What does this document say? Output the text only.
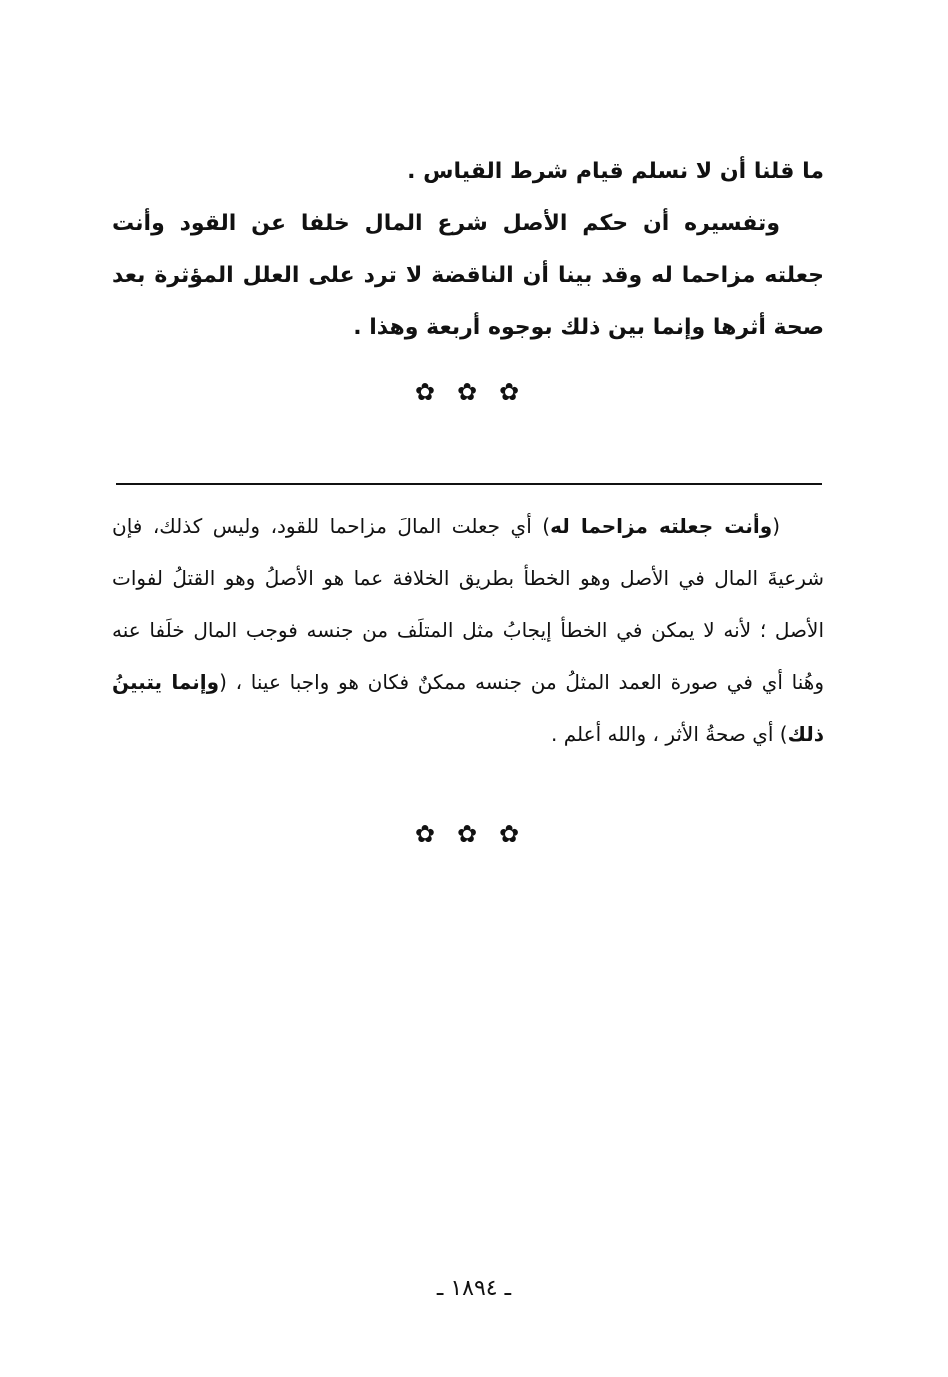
ما قلنا أن لا نسلم قيام شرط القياس .

وتفسيره أن حكم الأصل شرع المال خلفا عن القود وأنت جعلته مزاحما له وقد بينا أن الناقضة لا ترد على العلل المؤثرة بعد صحة أثرها وإنما بين ذلك بوجوه أربعة وهذا .

✿ ✿ ✿

(وأنت جعلته مزاحما له) أي جعلت المالَ مزاحما للقود، وليس كذلك، فإن شرعيةَ المال في الأصل وهو الخطأ بطريق الخلافة عما هو الأصلُ وهو القتلُ لفوات الأصل ؛ لأنه لا يمكن في الخطأ إيجابُ مثل المتلَف من جنسه فوجب المال خلَفا عنه وهُنا أي في صورة العمد المثلُ من جنسه ممكنٌ فكان هو واجبا عينا ، (وإنما يتبينُ ذلك) أي صحةُ الأثر ، والله أعلم .

✿ ✿ ✿
ـ ١٨٩٤ ـ
